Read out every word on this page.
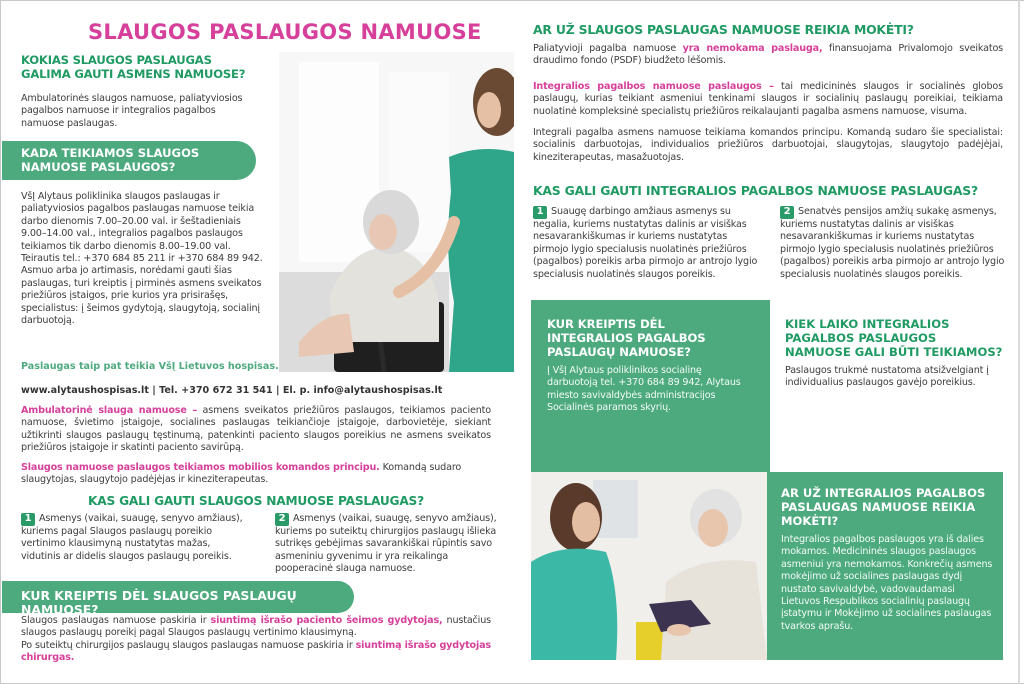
SLAUGOS PASLAUGOS NAMUOSE
KOKIAS SLAUGOS PASLAUGAS GALIMA GAUTI ASMENS NAMUOSE?

Ambulatorinės slaugos namuose, paliatyviosios pagalbos namuose ir integralios pagalbos namuose paslaugas.

KADA TEIKIAMOS SLAUGOS NAMUOSE PASLAUGOS?
VšĮ Alytaus poliklinika slaugos paslaugas ir paliatyviosios pagalbos paslaugas namuose teikia darbo dienomis 7.00–20.00 val. ir šeštadieniais 9.00–14.00 val., integralios pagalbos paslaugos teikiamos tik darbo dienomis 8.00–19.00 val.
Teirautis tel.: +370 684 85 211 ir +370 684 89 942.
Asmuo arba jo artimasis, norėdami gauti šias paslaugas, turi kreiptis į pirminės asmens sveikatos priežiūros įstaigos, prie kurios yra prisirašęs, specialistus: į šeimos gydytoją, slaugytoją, socialinį darbuotoją.

Paslaugas taip pat teikia VšĮ Lietuvos hospisas.

www.alytaushospisas.lt | Tel. +370 672 31 541 | El. p. info@alytaushospisas.lt

Ambulatorinė slauga namuose – asmens sveikatos priežiūros paslaugos, teikiamos paciento namuose, švietimo įstaigoje, socialines paslaugas teikiančioje įstaigoje, darbovietėje, siekiant užtikrinti slaugos paslaugų tęstinumą, patenkinti paciento slaugos poreikius ne asmens sveikatos priežiūros įstaigoje ir skatinti paciento savirūpą.

Slaugos namuose paslaugos teikiamos mobilios komandos principu. Komandą sudaro slaugytojas, slaugytojo padėjėjas ir kineziterapeutas.

KAS GALI GAUTI SLAUGOS NAMUOSE PASLAUGAS?
1 Asmenys (vaikai, suaugę, senyvo amžiaus), kuriems pagal Slaugos paslaugų poreikio vertinimo klausimyną nustatytas mažas, vidutinis ar didelis slaugos paslaugų poreikis.
2 Asmenys (vaikai, suaugę, senyvo amžiaus), kuriems po suteiktų chirurgijos paslaugų išlieka sutrikęs gebėjimas savarankiškai rūpintis savo asmeniniu gyvenimu ir yra reikalinga pooperacinė slauga namuose.
KUR KREIPTIS DĖL SLAUGOS PASLAUGŲ NAMUOSE?
Slaugos paslaugas namuose paskiria ir siuntimą išrašo paciento šeimos gydytojas, nustačius slaugos paslaugų poreikį pagal Slaugos paslaugų vertinimo klausimyną.
Po suteiktų chirurgijos paslaugų slaugos paslaugas namuose paskiria ir siuntimą išrašo gydytojas chirurgas.
AR UŽ SLAUGOS PASLAUGAS NAMUOSE REIKIA MOKĖTI?

Paliatyvioji pagalba namuose yra nemokama paslauga, finansuojama Privalomojo sveikatos draudimo fondo (PSDF) biudžeto lėšomis.

Integralios pagalbos namuose paslaugos – tai medicininės slaugos ir socialinės globos paslaugų, kurias teikiant asmeniui tenkinami slaugos ir socialinių paslaugų poreikiai, teikiama nuolatinė kompleksinė specialistų priežiūros reikalaujanti pagalba asmens namuose, visuma.

Integrali pagalba asmens namuose teikiama komandos principu. Komandą sudaro šie specialistai: socialinis darbuotojas, individualios priežiūros darbuotojai, slaugytojas, slaugytojo padėjėjai, kineziterapeutas, masažuotojas.

KAS GALI GAUTI INTEGRALIOS PAGALBOS NAMUOSE PASLAUGAS?
1 Suaugę darbingo amžiaus asmenys su negalia, kuriems nustatytas dalinis ar visiškas nesavarankiškumas ir kuriems nustatytas pirmojo lygio specialusis nuolatinės priežiūros (pagalbos) poreikis arba pirmojo ar antrojo lygio specialusis nuolatinės slaugos poreikis.
2 Senatvės pensijos amžių sukakę asmenys, kuriems nustatytas dalinis ar visiškas nesavarankiškumas ir kuriems nustatytas pirmojo lygio specialusis nuolatinės priežiūros (pagalbos) poreikis arba pirmojo ar antrojo lygio specialusis nuolatinės slaugos poreikis.
KUR KREIPTIS DĖL INTEGRALIOS PAGALBOS PASLAUGŲ NAMUOSE?
Į VšĮ Alytaus poliklinikos socialinę darbuotoją tel. +370 684 89 942, Alytaus miesto savivaldybės administracijos Socialinės paramos skyrių.
KIEK LAIKO INTEGRALIOS PAGALBOS PASLAUGOS NAMUOSE GALI BŪTI TEIKIAMOS?
Paslaugos trukmė nustatoma atsižvelgiant į individualius paslaugos gavėjo poreikius.
AR UŽ INTEGRALIOS PAGALBOS PASLAUGAS NAMUOSE REIKIA MOKĖTI?
Integralios pagalbos paslaugos yra iš dalies mokamos. Medicininės slaugos paslaugos asmeniui yra nemokamos. Konkrečių asmens mokėjimo už socialines paslaugas dydį nustato savivaldybė, vadovaudamasi Lietuvos Respublikos socialinių paslaugų įstatymu ir Mokėjimo už socialines paslaugas tvarkos aprašu.
